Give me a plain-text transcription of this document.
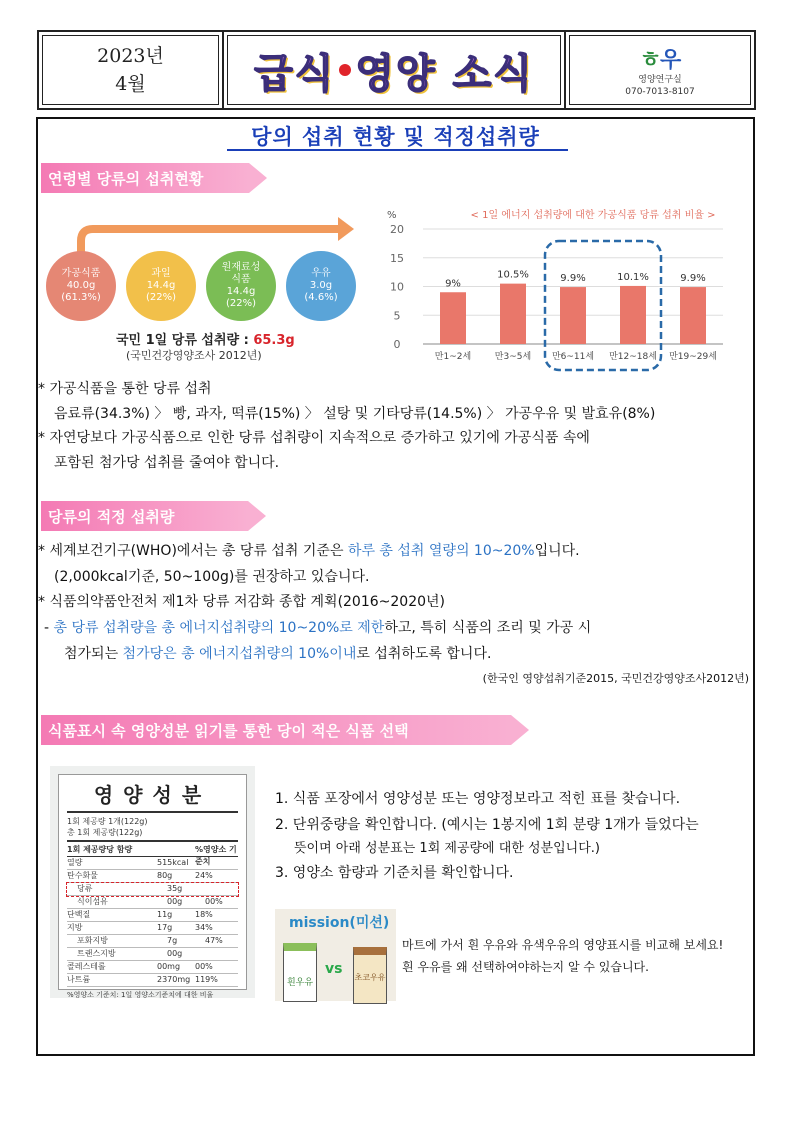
2023년
4월	급식 영양 소식	ㅎ우
영양연구실
070-7013-8107
당의 섭취 현황 및 적정섭취량
연령별 당류의 섭취현황
가공식품
40.0g
(61.3%)
과일
14.4g
(22%)
원재료성 식품
14.4g
(22%)
우유
3.0g
(4.6%)
국민 1일 당류 섭취량 : 65.3g
(국민건강영양조사 2012년)
< 1일 에너지 섭취량에 대한 가공식품 당류 섭취 비율 >
%
0
5
10
15
20
9%
만1~2세
10.5%
만3~5세
9.9%
만6~11세
10.1%
만12~18세
9.9%
만19~29세
* 가공식품을 통한 당류 섭취
음료류(34.3%) 〉 빵, 과자, 떡류(15%) 〉 설탕 및 기타당류(14.5%) 〉 가공우유 및 발효유(8%)
* 자연당보다 가공식품으로 인한 당류 섭취량이 지속적으로 증가하고 있기에 가공식품 속에
포함된 첨가당 섭취를 줄여야 합니다.
당류의 적정 섭취량
* 세계보건기구(WHO)에서는 총 당류 섭취 기준은 하루 총 섭취 열량의 10~20%입니다.
(2,000kcal기준, 50~100g)를 권장하고 있습니다.
* 식품의약품안전처 제1차 당류 저감화 종합 계획(2016~2020년)
- 총 당류 섭취량을 총 에너지섭취량의 10~20%로 제한하고, 특히 식품의 조리 및 가공 시
첨가되는 첨가당은 총 에너지섭취량의 10%이내로 섭취하도록 합니다.
(한국인 영양섭취기준2015, 국민건강영양조사2012년)
식품표시 속 영양성분 읽기를 통한 당이 적은 식품 선택
영양성분
1회 제공량 1개(122g)
총 1회 제공량(122g)
1회 제공량당 함량	%영양소 기준치
열량	515kcal
탄수화물	80g	24%
당류	35g
식이섬유	00g	00%
단백질	11g	18%
지방	17g	34%
포화지방	7g	47%
트랜스지방	00g
콜레스테롤	00mg	00%
나트륨	2370mg 119%
%영양소 기준치: 1일 영양소기준치에 대한 비율
1. 식품 포장에서 영양성분 또는 영양정보라고 적힌 표를 찾습니다.
2. 단위중량을 확인합니다. (예시는 1봉지에 1회 분량 1개가 들었다는
뜻이며 아래 성분표는 1회 제공량에 대한 성분입니다.)
3. 영양소 함량과 기준치를 확인합니다.
mission(미션)
흰우유
vs
초코우유
마트에 가서 흰 우유와 유색우유의 영양표시를 비교해 보세요!
흰 우유를 왜 선택하여야하는지 알 수 있습니다.
